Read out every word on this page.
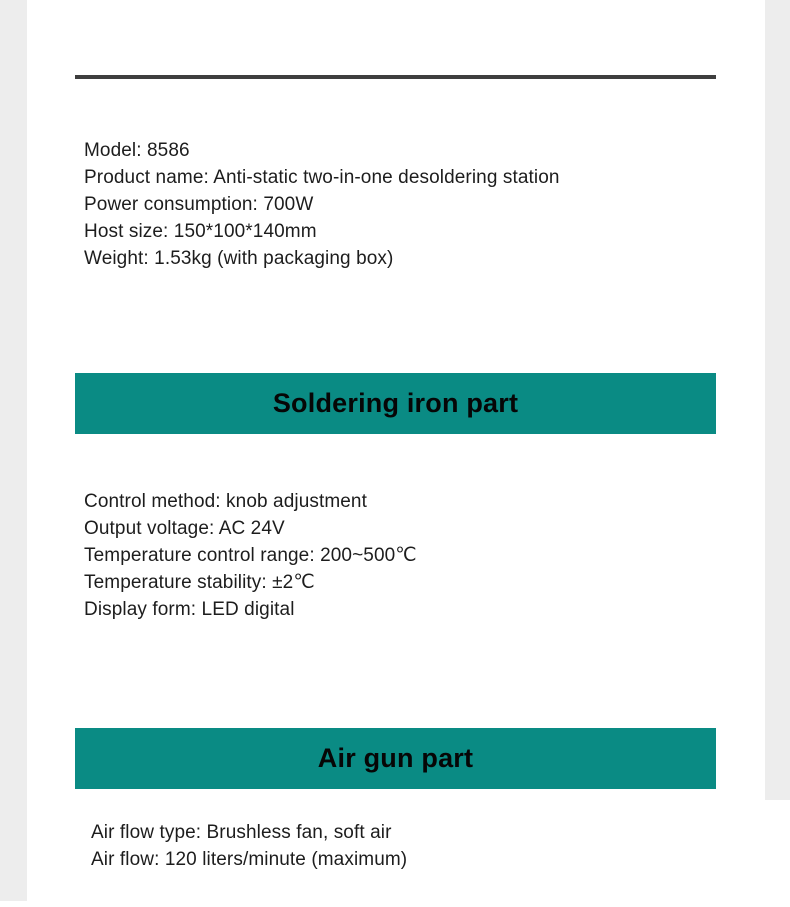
Model: 8586
Product name: Anti-static two-in-one desoldering station
Power consumption: 700W
Host size: 150*100*140mm
Weight: 1.53kg (with packaging box)
Soldering iron part
Control method: knob adjustment
Output voltage: AC 24V
Temperature control range: 200~500℃
Temperature stability: ±2℃
Display form: LED digital
Air gun part
Air flow type: Brushless fan, soft air
Air flow: 120 liters/minute (maximum)
